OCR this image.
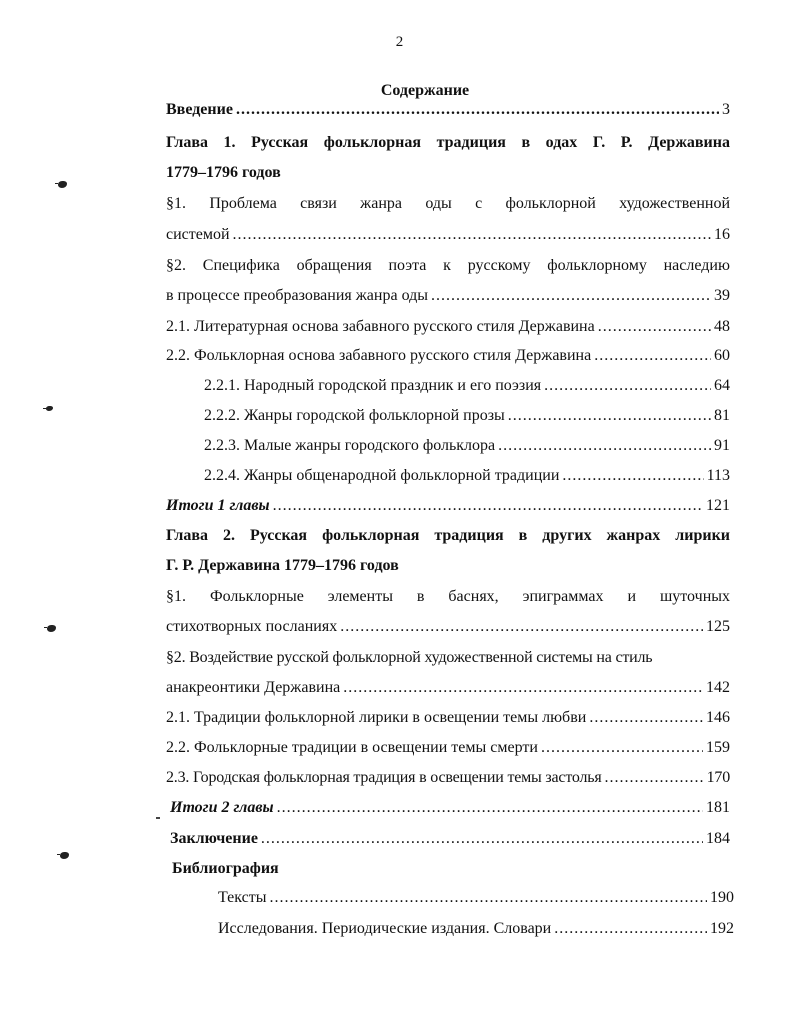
2
Содержание
Введение .....	3
Глава 1. Русская фольклорная традиция в одах Г. Р. Державина
1779–1796 годов
§1. Проблема связи жанра оды с фольклорной художественной
системой .....	16
§2. Специфика обращения поэта к русскому фольклорному наследию
в процессе преобразования жанра оды .....	39
2.1. Литературная основа забавного русского стиля Державина .....	48
2.2. Фольклорная основа забавного русского стиля Державина .....	60
2.2.1. Народный городской праздник и его поэзия .....	64
2.2.2. Жанры городской фольклорной прозы .....	81
2.2.3. Малые жанры городского фольклора .....	91
2.2.4. Жанры общенародной фольклорной традиции .....	113
Итоги 1 главы .....	121
Глава 2. Русская фольклорная традиция в других жанрах лирики
Г. Р. Державина 1779–1796 годов
§1. Фольклорные элементы в баснях, эпиграммах и шуточных
стихотворных посланиях .....	125
§2. Воздействие русской фольклорной художественной системы на стиль
анакреонтики Державина .....	142
2.1. Традиции фольклорной лирики в освещении темы любви .....	146
2.2. Фольклорные традиции в освещении темы смерти .....	159
2.3. Городская фольклорная традиция в освещении темы застолья .....	170
Итоги 2 главы .....	181
Заключение .....	184
Библиография
Тексты .....	190
Исследования. Периодические издания. Словари .....	192
